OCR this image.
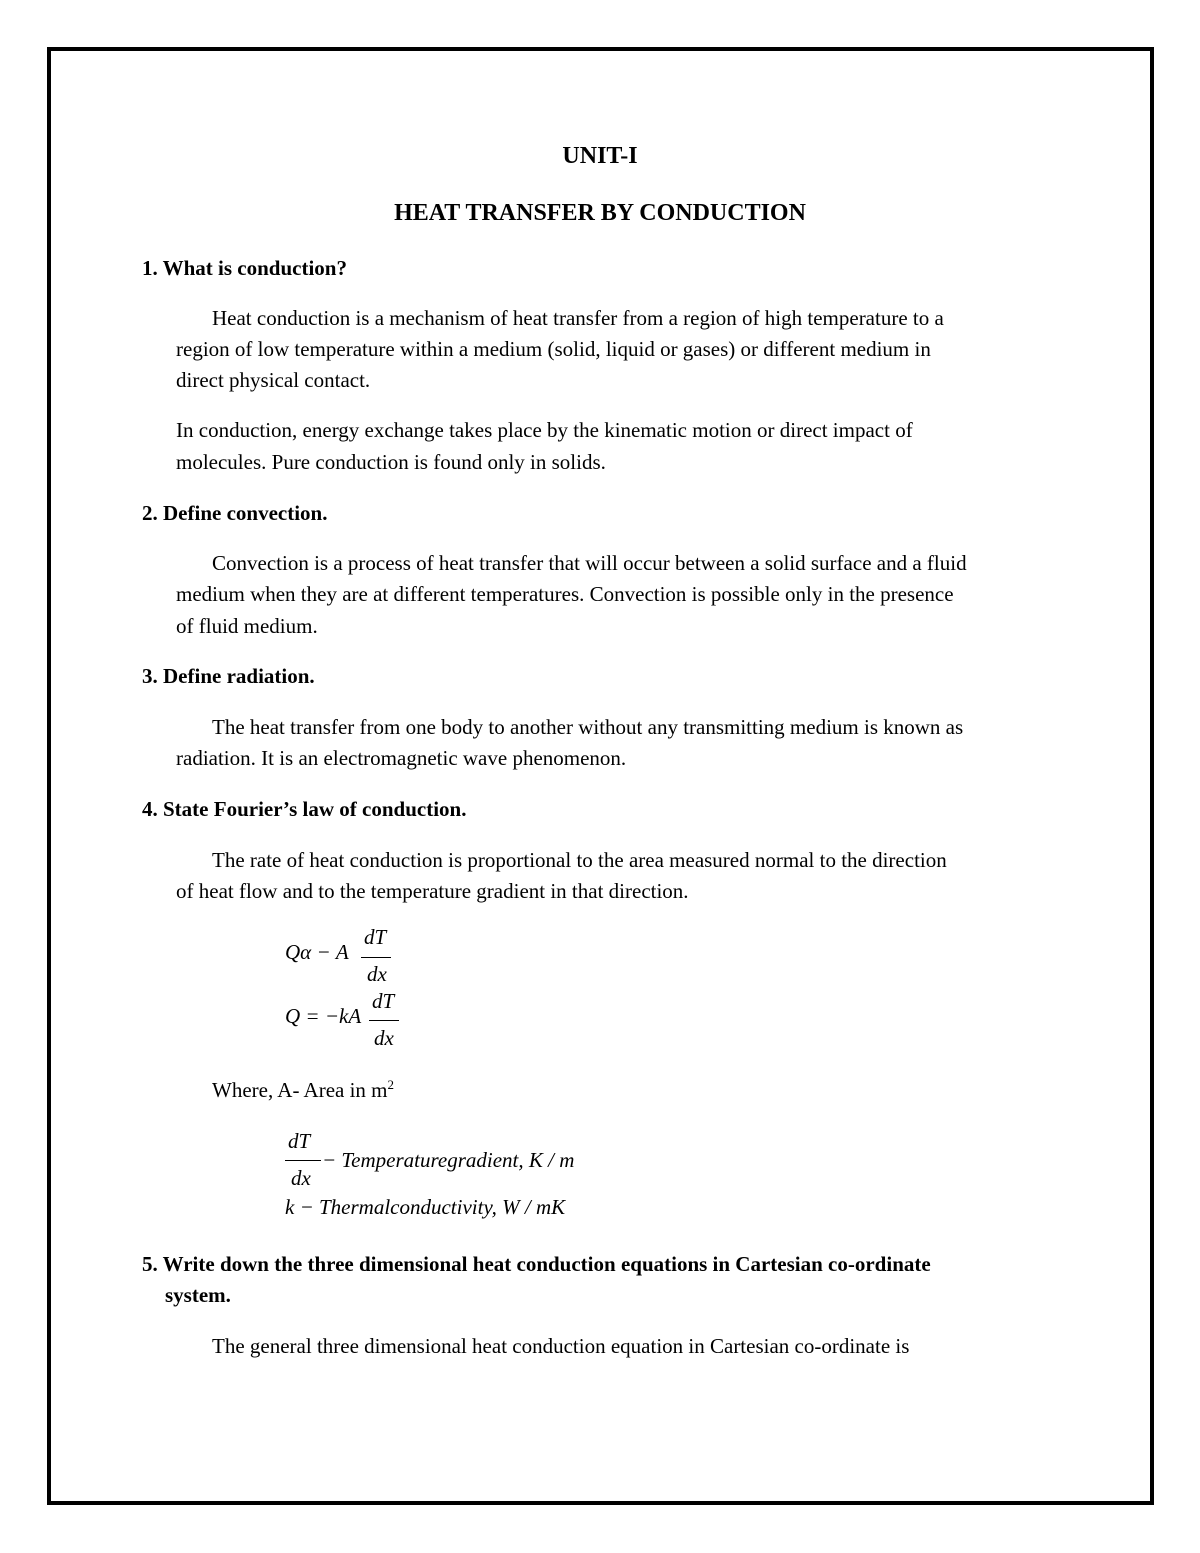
UNIT-I
HEAT TRANSFER BY CONDUCTION
1. What is conduction?
Heat conduction is a mechanism of heat transfer from a region of high temperature to a
region of low temperature within a medium (solid, liquid or gases) or different medium in
direct physical contact.
In conduction, energy exchange takes place by the kinematic motion or direct impact of
molecules. Pure conduction is found only in solids.
2. Define convection.
Convection is a process of heat transfer that will occur between a solid surface and a fluid
medium when they are at different temperatures. Convection is possible only in the presence
of fluid medium.
3. Define radiation.
The heat transfer from one body to another without any transmitting medium is known as
radiation. It is an electromagnetic wave phenomenon.
4. State Fourier’s law of conduction.
The rate of heat conduction is proportional to the area measured normal to the direction
of heat flow and to the temperature gradient in that direction.
Qα − A
dT
dx
Q = −kA
dT
dx
Where, A- Area in $m^2$
dT
dx
− Temperaturegradient, K / m
k − Thermalconductivity, W / mK
5. Write down the three dimensional heat conduction equations in Cartesian co-ordinate
system.
The general three dimensional heat conduction equation in Cartesian co-ordinate is
